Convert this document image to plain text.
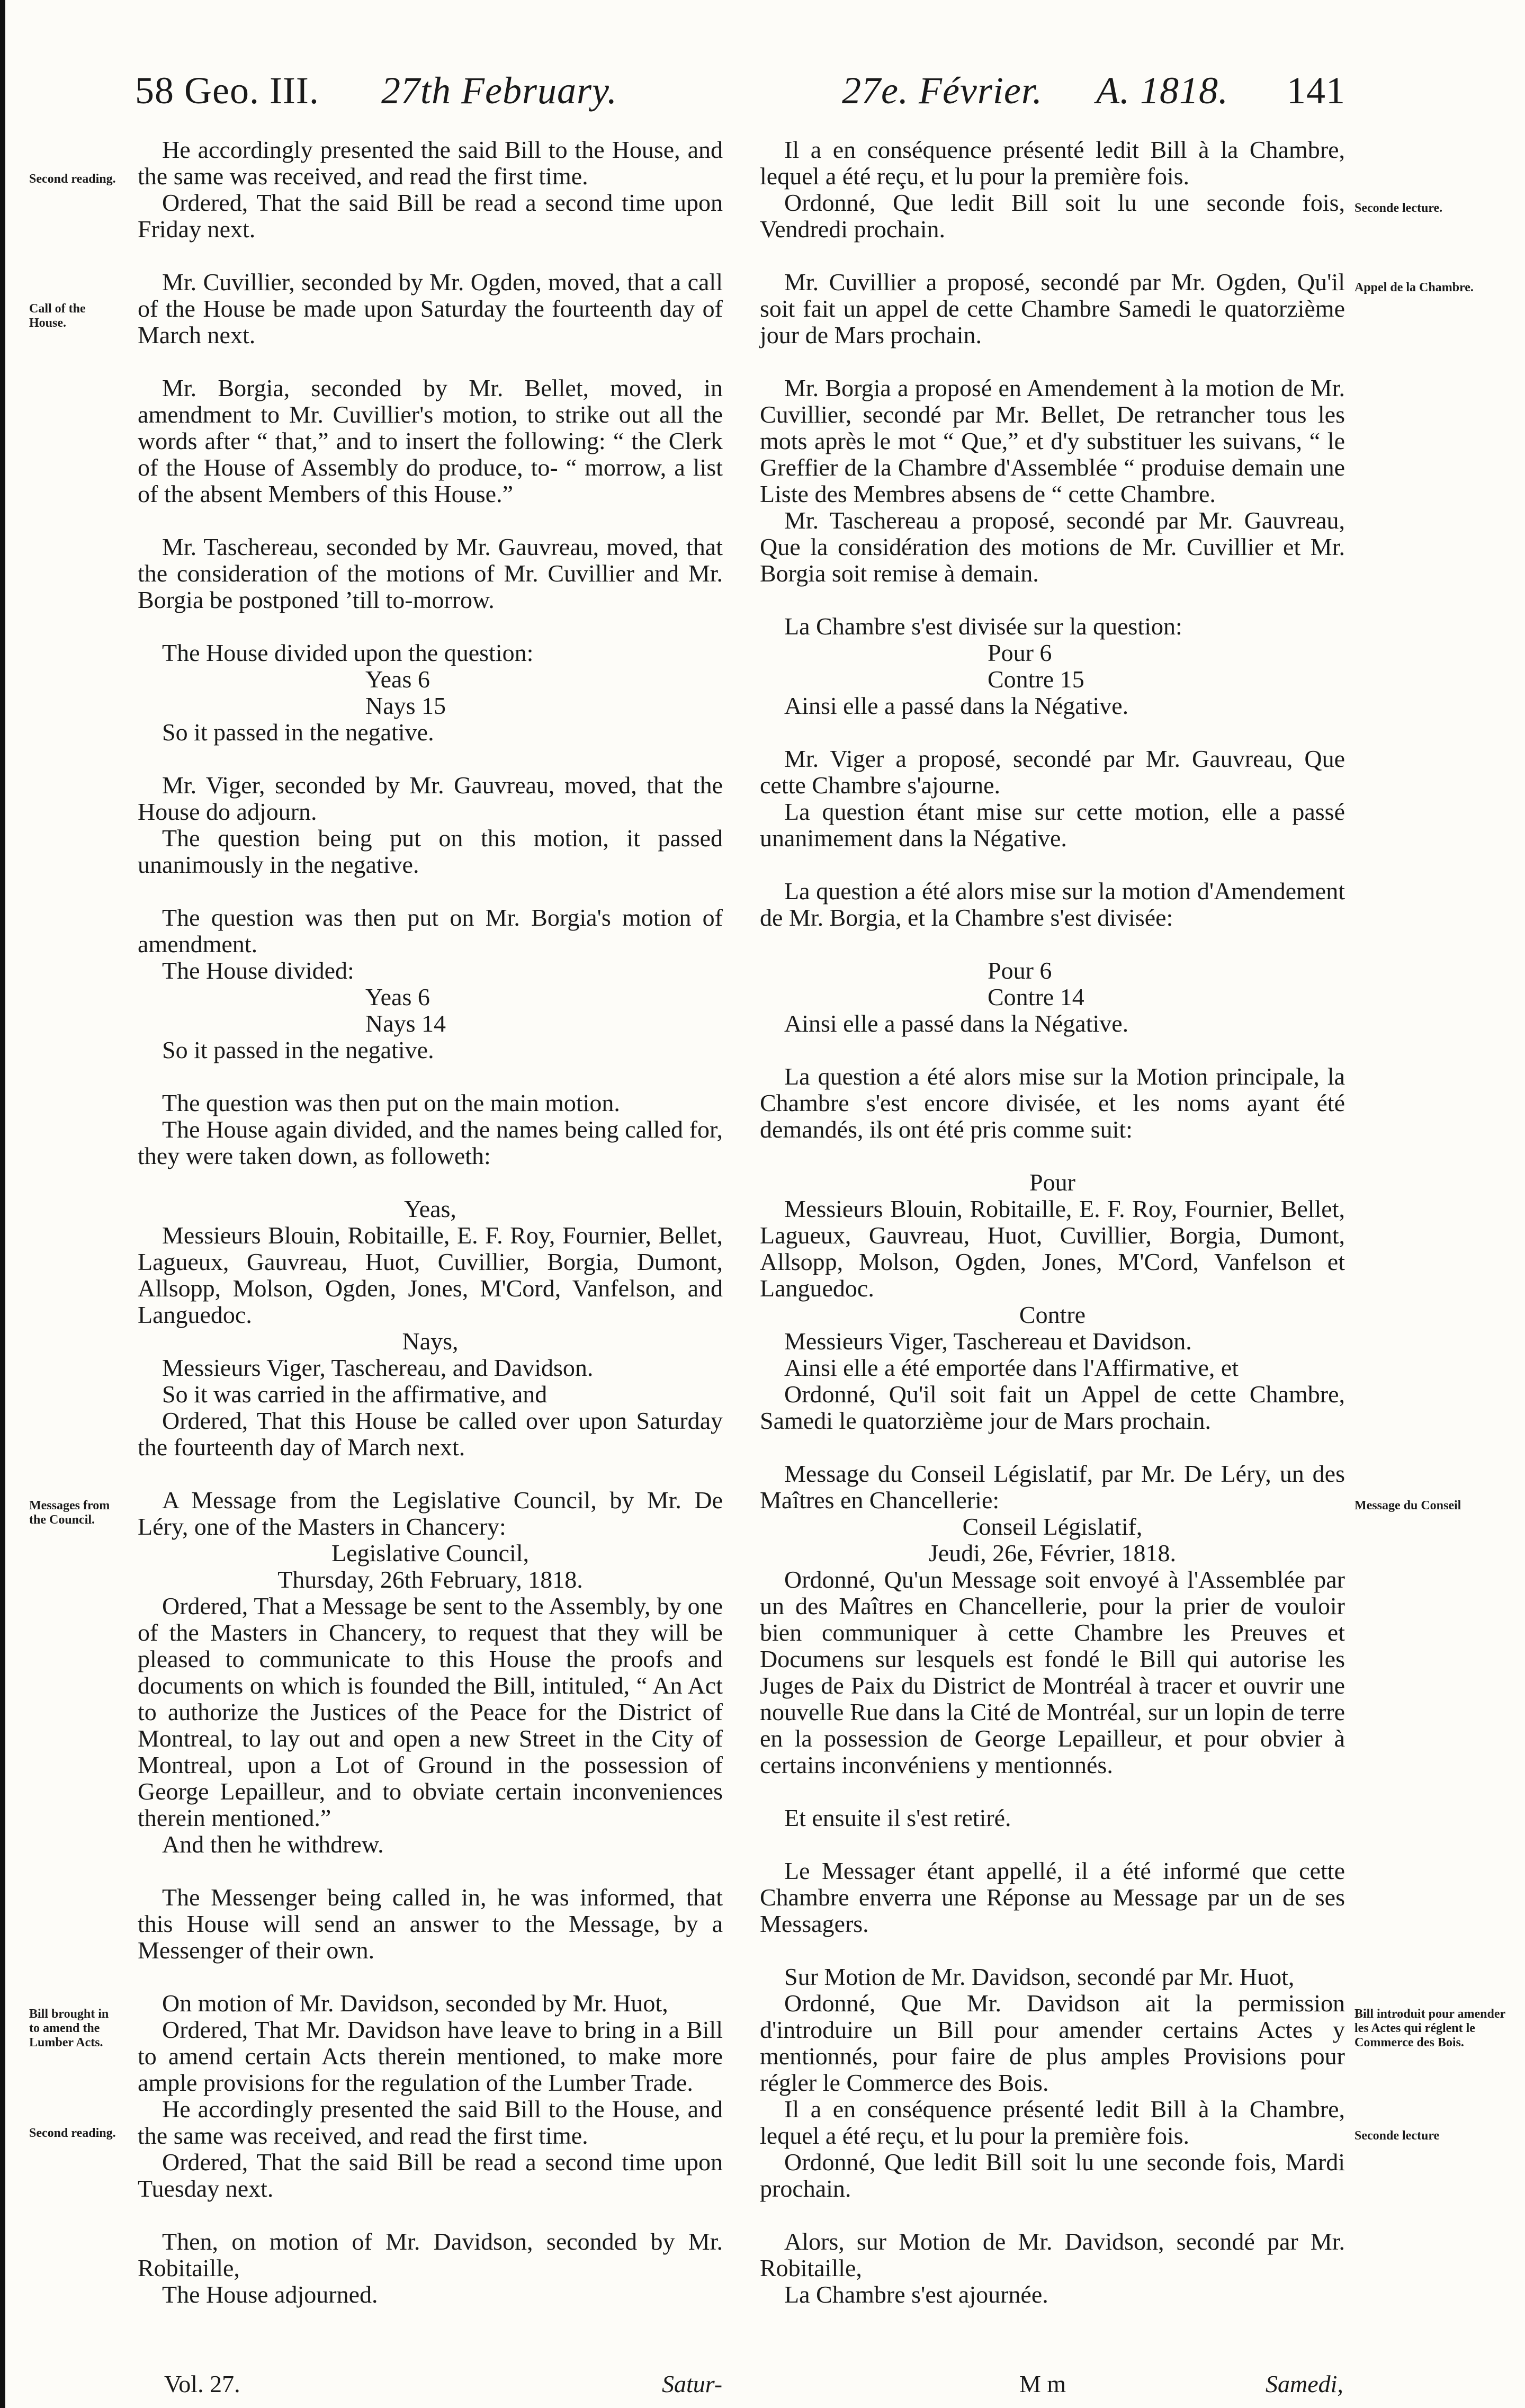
58 Geo. III. 27th February.	27e. Février. A. 1818. 141

He accordingly presented the said Bill to the House, and the same was received, and read the first time.

Ordered, That the said Bill be read a second time upon Friday next.

Mr. Cuvillier, seconded by Mr. Ogden, moved, that a call of the House be made upon Saturday the fourteenth day of March next.

Mr. Borgia, seconded by Mr. Bellet, moved, in amendment to Mr. Cuvillier's motion, to strike out all the words after “ that,” and to insert the following: “ the Clerk of the House of Assembly do produce, to- “ morrow, a list of the absent Members of this House.”

Mr. Taschereau, seconded by Mr. Gauvreau, moved, that the consideration of the motions of Mr. Cuvillier and Mr. Borgia be postponed ’till to-morrow.

The House divided upon the question:

Yeas 6

Nays 15

So it passed in the negative.

Mr. Viger, seconded by Mr. Gauvreau, moved, that the House do adjourn.

The question being put on this motion, it passed unanimously in the negative.

The question was then put on Mr. Borgia's motion of amendment.

The House divided:

Yeas 6

Nays 14

So it passed in the negative.

The question was then put on the main motion.

The House again divided, and the names being called for, they were taken down, as followeth:

Yeas,

Messieurs Blouin, Robitaille, E. F. Roy, Fournier, Bellet, Lagueux, Gauvreau, Huot, Cuvillier, Borgia, Dumont, Allsopp, Molson, Ogden, Jones, M'Cord, Vanfelson, and Languedoc.

Nays,

Messieurs Viger, Taschereau, and Davidson.

So it was carried in the affirmative, and

Ordered, That this House be called over upon Saturday the fourteenth day of March next.

A Message from the Legislative Council, by Mr. De Léry, one of the Masters in Chancery:

Legislative Council,

Thursday, 26th February, 1818.

Ordered, That a Message be sent to the Assembly, by one of the Masters in Chancery, to request that they will be pleased to communicate to this House the proofs and documents on which is founded the Bill, intituled, “ An Act to authorize the Justices of the Peace for the District of Montreal, to lay out and open a new Street in the City of Montreal, upon a Lot of Ground in the possession of George Lepailleur, and to obviate certain inconveniences therein mentioned.”

And then he withdrew.

The Messenger being called in, he was informed, that this House will send an answer to the Message, by a Messenger of their own.

On motion of Mr. Davidson, seconded by Mr. Huot,

Ordered, That Mr. Davidson have leave to bring in a Bill to amend certain Acts therein mentioned, to make more ample provisions for the regulation of the Lumber Trade.

He accordingly presented the said Bill to the House, and the same was received, and read the first time.

Ordered, That the said Bill be read a second time upon Tuesday next.

Then, on motion of Mr. Davidson, seconded by Mr. Robitaille,

The House adjourned.

Il a en conséquence présenté ledit Bill à la Chambre, lequel a été reçu, et lu pour la première fois.

Ordonné, Que ledit Bill soit lu une seconde fois, Vendredi prochain.

Mr. Cuvillier a proposé, secondé par Mr. Ogden, Qu'il soit fait un appel de cette Chambre Samedi le quatorzième jour de Mars prochain.

Mr. Borgia a proposé en Amendement à la motion de Mr. Cuvillier, secondé par Mr. Bellet, De retrancher tous les mots après le mot “ Que,” et d'y substituer les suivans, “ le Greffier de la Chambre d'Assemblée “ produise demain une Liste des Membres absens de “ cette Chambre.

Mr. Taschereau a proposé, secondé par Mr. Gauvreau, Que la considération des motions de Mr. Cuvillier et Mr. Borgia soit remise à demain.

La Chambre s'est divisée sur la question:

Pour 6

Contre 15

Ainsi elle a passé dans la Négative.

Mr. Viger a proposé, secondé par Mr. Gauvreau, Que cette Chambre s'ajourne.

La question étant mise sur cette motion, elle a passé unanimement dans la Négative.

La question a été alors mise sur la motion d'Amendement de Mr. Borgia, et la Chambre s'est divisée:

Pour 6

Contre 14

Ainsi elle a passé dans la Négative.

La question a été alors mise sur la Motion principale, la Chambre s'est encore divisée, et les noms ayant été demandés, ils ont été pris comme suit:

Pour

Messieurs Blouin, Robitaille, E. F. Roy, Fournier, Bellet, Lagueux, Gauvreau, Huot, Cuvillier, Borgia, Dumont, Allsopp, Molson, Ogden, Jones, M'Cord, Vanfelson et Languedoc.

Contre

Messieurs Viger, Taschereau et Davidson.

Ainsi elle a été emportée dans l'Affirmative, et

Ordonné, Qu'il soit fait un Appel de cette Chambre, Samedi le quatorzième jour de Mars prochain.

Message du Conseil Législatif, par Mr. De Léry, un des Maîtres en Chancellerie:

Conseil Législatif,

Jeudi, 26e, Février, 1818.

Ordonné, Qu'un Message soit envoyé à l'Assemblée par un des Maîtres en Chancellerie, pour la prier de vouloir bien communiquer à cette Chambre les Preuves et Documens sur lesquels est fondé le Bill qui autorise les Juges de Paix du District de Montréal à tracer et ouvrir une nouvelle Rue dans la Cité de Montréal, sur un lopin de terre en la possession de George Lepailleur, et pour obvier à certains inconvéniens y mentionnés.

Et ensuite il s'est retiré.

Le Messager étant appellé, il a été informé que cette Chambre enverra une Réponse au Message par un de ses Messagers.

Sur Motion de Mr. Davidson, secondé par Mr. Huot,

Ordonné, Que Mr. Davidson ait la permission d'introduire un Bill pour amender certains Actes y mentionnés, pour faire de plus amples Provisions pour régler le Commerce des Bois.

Il a en conséquence présenté ledit Bill à la Chambre, lequel a été reçu, et lu pour la première fois.

Ordonné, Que ledit Bill soit lu une seconde fois, Mardi prochain.

Alors, sur Motion de Mr. Davidson, secondé par Mr. Robitaille,

La Chambre s'est ajournée.

Second reading.
Call of the House.
Messages from the Council.
Bill brought in to amend the Lumber Acts.
Second reading.
Seconde lecture.
Appel de la Chambre.
Message du Conseil
Bill introduit pour amender les Actes qui réglent le Commerce des Bois.
Seconde lecture
Vol. 27.	Satur-	M m	Samedi,
